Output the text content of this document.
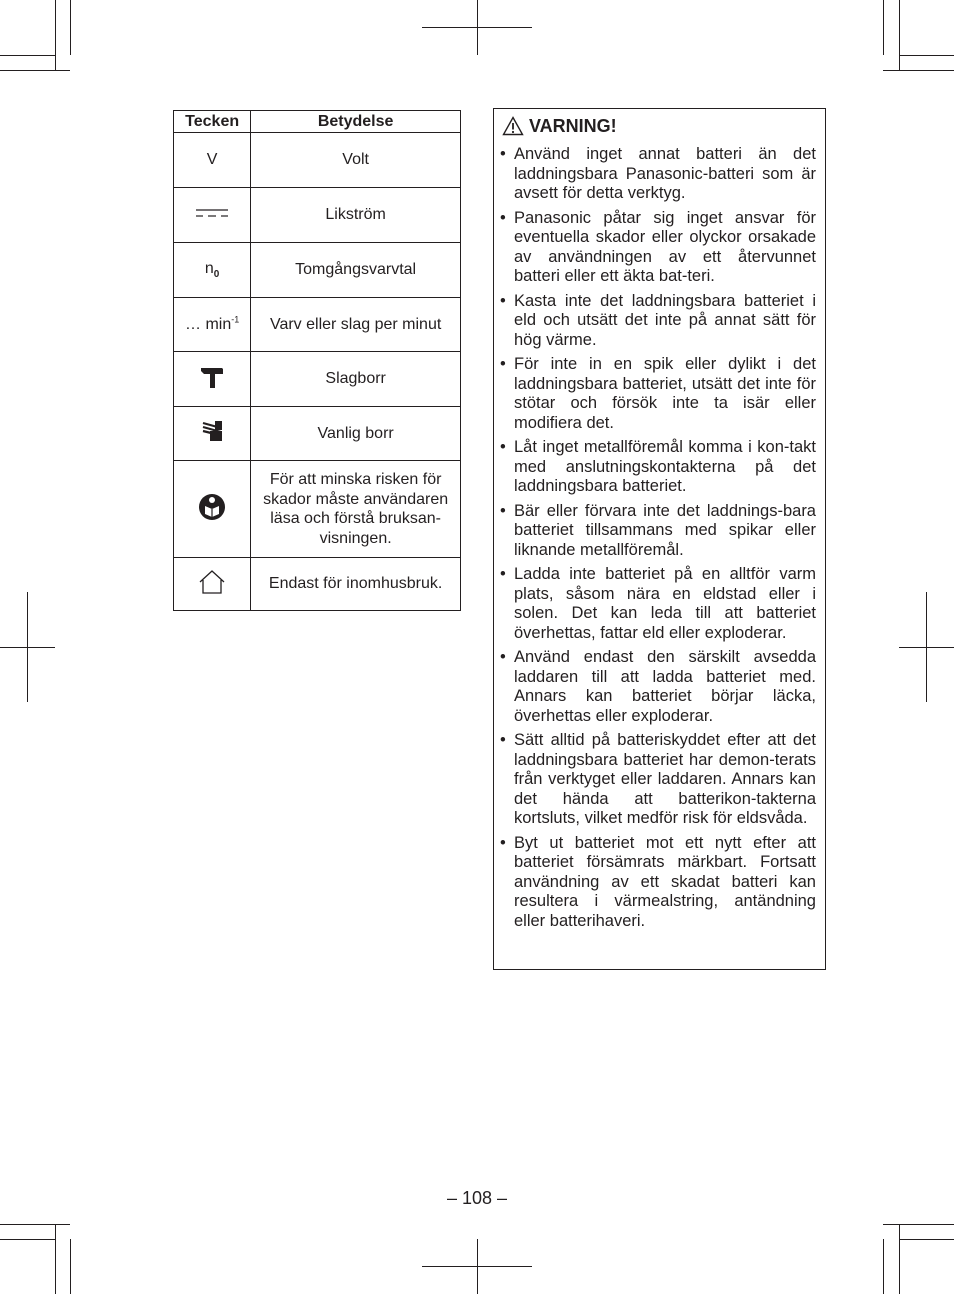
Tecken	Betydelse
V	Volt
	Likström
$n_0$	Tomgångsvarvtal
… $\min^{-1}$	Varv eller slag per minut
	Slagborr
	Vanlig borr
	För att minska risken för skador måste användaren läsa och förstå bruksan-visningen.
	Endast för inomhusbruk.
VARNING!
• Använd inget annat batteri än det laddningsbara Panasonic-batteri som är avsett för detta verktyg.
• Panasonic påtar sig inget ansvar för eventuella skador eller olyckor orsakade av användningen av ett återvunnet batteri eller ett äkta bat-teri.
• Kasta inte det laddningsbara batteriet i eld och utsätt det inte på annat sätt för hög värme.
• För inte in en spik eller dylikt i det laddningsbara batteriet, utsätt det inte för stötar och försök inte ta isär eller modifiera det.
• Låt inget metallföremål komma i kon-takt med anslutningskontakterna på det laddningsbara batteriet.
• Bär eller förvara inte det laddnings-bara batteriet tillsammans med spikar eller liknande metallföremål.
• Ladda inte batteriet på en alltför varm plats, såsom nära en eldstad eller i solen. Det kan leda till att batteriet överhettas, fattar eld eller exploderar.
• Använd endast den särskilt avsedda laddaren till att ladda batteriet med. Annars kan batteriet börjar läcka, överhettas eller exploderar.
• Sätt alltid på batteriskyddet efter att det laddningsbara batteriet har demon-terats från verktyget eller laddaren. Annars kan det hända att batterikon-takterna kortsluts, vilket medför risk för eldsvåda.
• Byt ut batteriet mot ett nytt efter att batteriet försämrats märkbart. Fortsatt användning av ett skadat batteri kan resultera i värmealstring, antändning eller batterihaveri.
– 108 –
